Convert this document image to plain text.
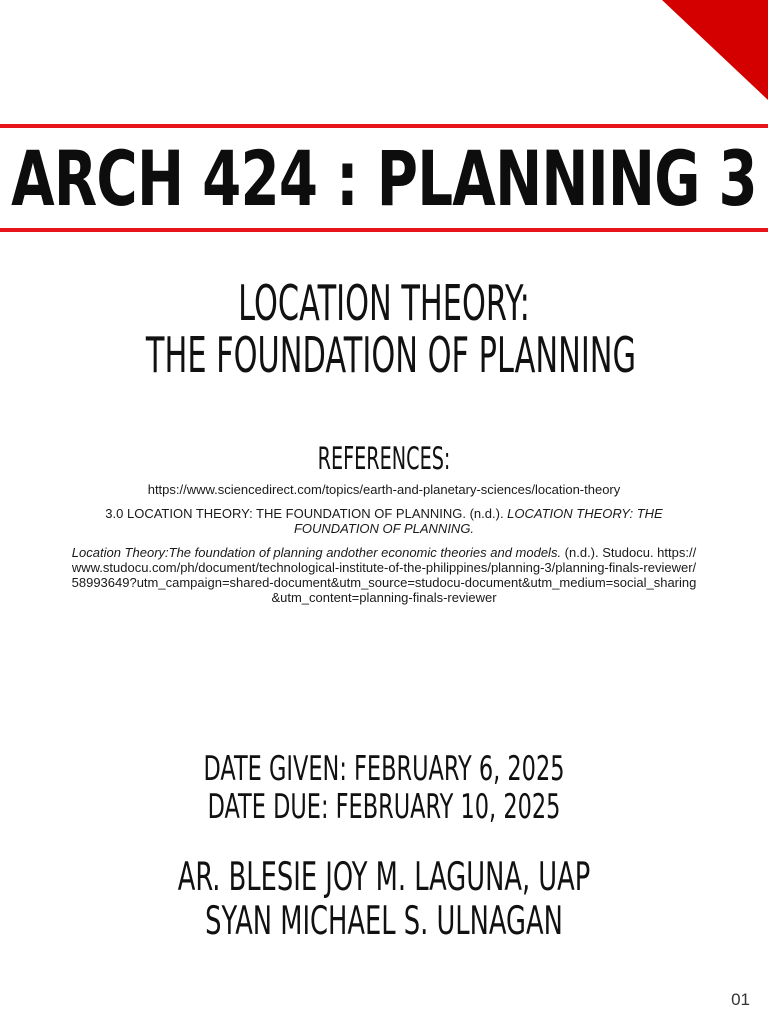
ARCH 424 : PLANNING 3
LOCATION THEORY:
THE FOUNDATION OF PLANNING
REFERENCES:

https://www.sciencedirect.com/topics/earth-and-planetary-sciences/location-theory

3.0 LOCATION THEORY: THE FOUNDATION OF PLANNING. (n.d.). LOCATION THEORY: THE FOUNDATION OF PLANNING.

Location Theory:The foundation of planning andother economic theories and models. (n.d.). Studocu. https://www.studocu.com/ph/document/technological-institute-of-the-philippines/planning-3/planning-finals-reviewer/58993649?utm_campaign=shared-document&utm_source=studocu-document&utm_medium=social_sharing&utm_content=planning-finals-reviewer

DATE GIVEN: FEBRUARY 6, 2025
DATE DUE: FEBRUARY 10, 2025
AR. BLESIE JOY M. LAGUNA, UAP
SYAN MICHAEL S. ULNAGAN
01
